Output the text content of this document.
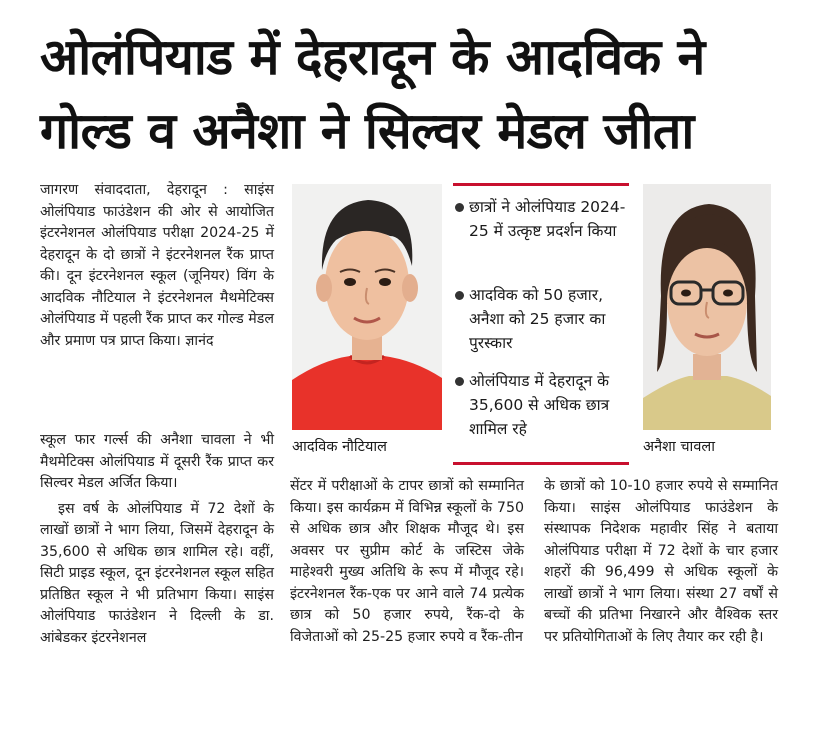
ओलंपियाड में देहरादून के आदविक ने
गोल्ड व अनैशा ने सिल्वर मेडल जीता
जागरण संवाददाता, देहरादून : साइंस ओलंपियाड फाउंडेशन की ओर से आयोजित इंटरनेशनल ओलंपियाड परीक्षा 2024-25 में देहरादून के दो छात्रों ने इंटरनेशनल रैंक प्राप्त की। दून इंटरनेशनल स्कूल (जूनियर) विंग के आदविक नौटियाल ने इंटरनेशनल मैथमेटिक्स ओलंपियाड में पहली रैंक प्राप्त कर गोल्ड मेडल और प्रमाण पत्र प्राप्त किया। ज्ञानंद
आदविक नौटियाल
छात्रों ने ओलंपियाड 2024-25 में उत्कृष्ट प्रदर्शन किया
आदविक को 50 हजार, अनैशा को 25 हजार का पुरस्कार
ओलंपियाड में देहरादून के 35,600 से अधिक छात्र शामिल रहे
अनैशा चावला

स्कूल फार गर्ल्स की अनैशा चावला ने भी मैथमेटिक्स ओलंपियाड में दूसरी रैंक प्राप्त कर सिल्वर मेडल अर्जित किया।

इस वर्ष के ओलंपियाड में 72 देशों के लाखों छात्रों ने भाग लिया, जिसमें देहरादून के 35,600 से अधिक छात्र शामिल रहे। वहीं, सिटी प्राइड स्कूल, दून इंटरनेशनल स्कूल सहित प्रतिष्ठित स्कूल ने भी प्रतिभाग किया। साइंस ओलंपियाड फाउंडेशन ने दिल्ली के डा. आंबेडकर इंटरनेशनल

सेंटर में परीक्षाओं के टापर छात्रों को सम्मानित किया। इस कार्यक्रम में विभिन्न स्कूलों के 750 से अधिक छात्र और शिक्षक मौजूद थे। इस अवसर पर सुप्रीम कोर्ट के जस्टिस जेके माहेश्वरी मुख्य अतिथि के रूप में मौजूद रहे। इंटरनेशनल रैंक-एक पर आने वाले 74 प्रत्येक छात्र को 50 हजार रुपये, रैंक-दो के विजेताओं को 25-25 हजार रुपये व रैंक-तीन
के छात्रों को 10-10 हजार रुपये से सम्मानित किया। साइंस ओलंपियाड फाउंडेशन के संस्थापक निदेशक महावीर सिंह ने बताया ओलंपियाड परीक्षा में 72 देशों के चार हजार शहरों की 96,499 से अधिक स्कूलों के लाखों छात्रों ने भाग लिया। संस्था 27 वर्षों से बच्चों की प्रतिभा निखारने और वैश्विक स्तर पर प्रतियोगिताओं के लिए तैयार कर रही है।
